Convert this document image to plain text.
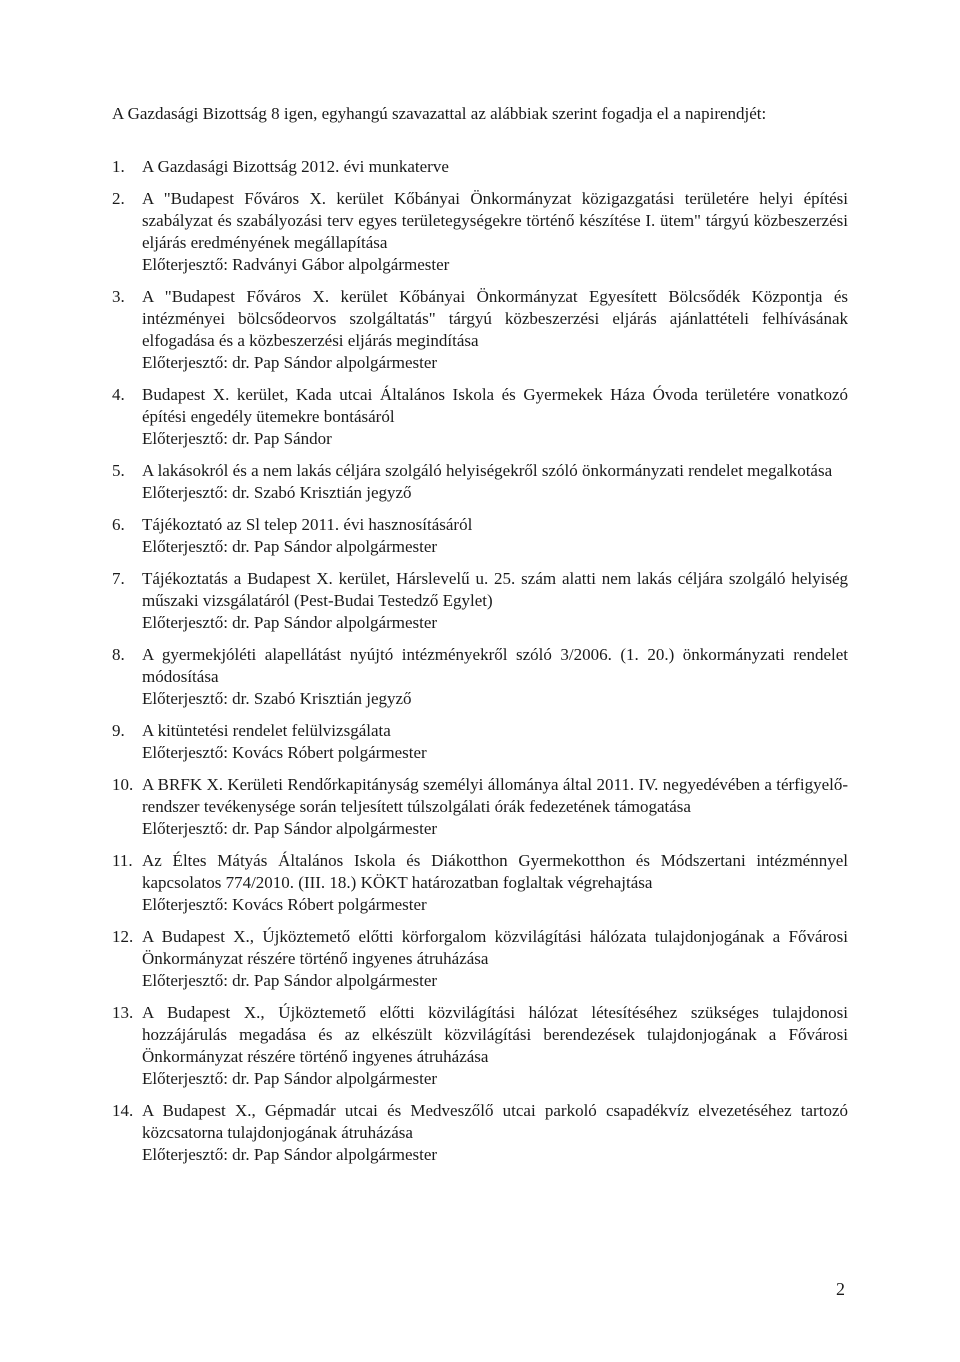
A Gazdasági Bizottság 8 igen, egyhangú szavazattal az alábbiak szerint fogadja el a napirendjét:
1.	A Gazdasági Bizottság 2012. évi munkaterve
2.	A "Budapest Főváros X. kerület Kőbányai Önkormányzat közigazgatási területére helyi építési szabályzat és szabályozási terv egyes területegységekre történő készítése I. ütem" tárgyú közbeszerzési eljárás eredményének megállapítása
Előterjesztő: Radványi Gábor alpolgármester
3.	A "Budapest Főváros X. kerület Kőbányai Önkormányzat Egyesített Bölcsődék Központja és intézményei bölcsődeorvos szolgáltatás" tárgyú közbeszerzési eljárás ajánlattételi felhívásának elfogadása és a közbeszerzési eljárás megindítása
Előterjesztő: dr. Pap Sándor alpolgármester
4.	Budapest X. kerület, Kada utcai Általános Iskola és Gyermekek Háza Óvoda területére vonatkozó építési engedély ütemekre bontásáról
Előterjesztő: dr. Pap Sándor
5.	A lakásokról és a nem lakás céljára szolgáló helyiségekről szóló önkormányzati rendelet megalkotása
Előterjesztő: dr. Szabó Krisztián jegyző
6.	Tájékoztató az Sl telep 2011. évi hasznosításáról
Előterjesztő: dr. Pap Sándor alpolgármester
7.	Tájékoztatás a Budapest X. kerület, Hárslevelű u. 25. szám alatti nem lakás céljára szolgáló helyiség műszaki vizsgálatáról (Pest-Budai Testedző Egylet)
Előterjesztő: dr. Pap Sándor alpolgármester
8.	A gyermekjóléti alapellátást nyújtó intézményekről szóló 3/2006. (1. 20.) önkormányzati rendelet módosítása
Előterjesztő: dr. Szabó Krisztián jegyző
9.	A kitüntetési rendelet felülvizsgálata
Előterjesztő: Kovács Róbert polgármester
10. A BRFK X. Kerületi Rendőrkapitányság személyi állománya által 2011. IV. negyedévében a térfigyelő-rendszer tevékenysége során teljesített túlszolgálati órák fedezetének támogatása
Előterjesztő: dr. Pap Sándor alpolgármester
11. Az Éltes Mátyás Általános Iskola és Diákotthon Gyermekotthon és Módszertani intézménnyel kapcsolatos 774/2010. (III. 18.) KÖKT határozatban foglaltak végrehajtása
Előterjesztő: Kovács Róbert polgármester
12. A Budapest X., Újköztemető előtti körforgalom közvilágítási hálózata tulajdonjogának a Fővárosi Önkormányzat részére történő ingyenes átruházása
Előterjesztő: dr. Pap Sándor alpolgármester
13. A Budapest X., Újköztemető előtti közvilágítási hálózat létesítéséhez szükséges tulajdonosi hozzájárulás megadása és az elkészült közvilágítási berendezések tulajdonjogának a Fővárosi Önkormányzat részére történő ingyenes átruházása
Előterjesztő: dr. Pap Sándor alpolgármester
14. A Budapest X., Gépmadár utcai és Medveszőlő utcai parkoló csapadékvíz elvezetéséhez tartozó közcsatorna tulajdonjogának átruházása
Előterjesztő: dr. Pap Sándor alpolgármester
2
